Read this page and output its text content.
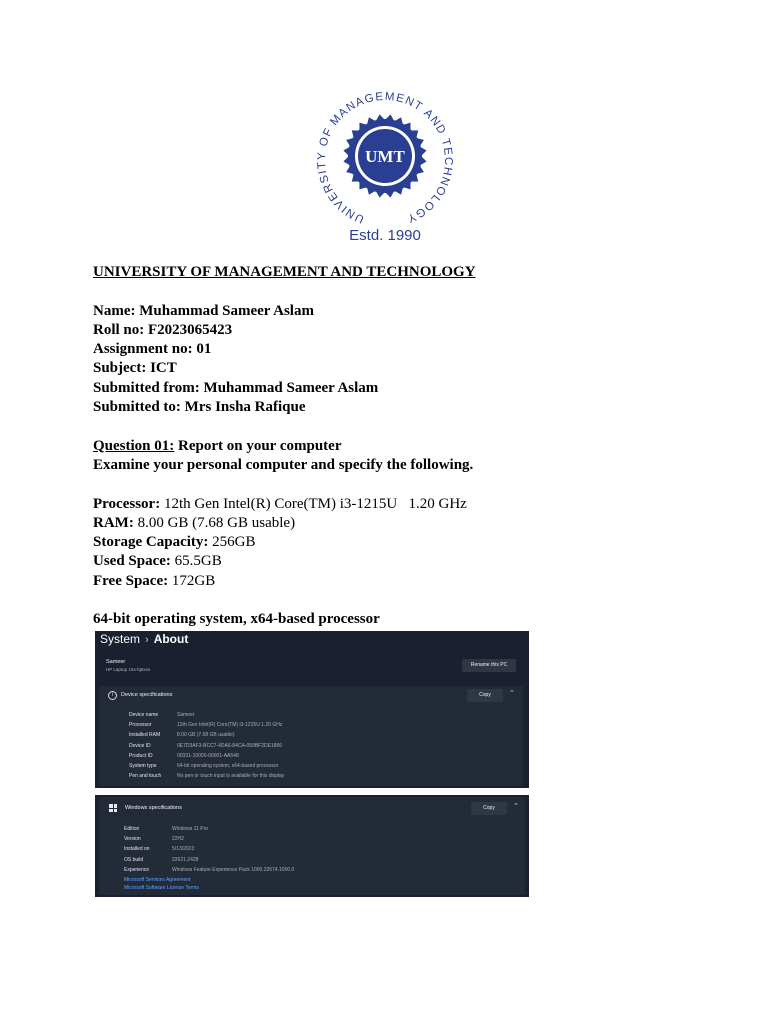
UMT
UNIVERSITY OF MANAGEMENT AND TECHNOLOGY
Estd. 1990
UNIVERSITY OF MANAGEMENT AND TECHNOLOGY
Name: Muhammad Sameer Aslam
Roll no: F2023065423
Assignment no: 01
Subject: ICT
Submitted from: Muhammad Sameer Aslam
Submitted to: Mrs Insha Rafique
Question 01: Report on your computer
Examine your personal computer and specify the following.
Processor: 12th Gen Intel(R) Core(TM) i3-1215U   1.20 GHz
RAM: 8.00 GB (7.68 GB usable)
Storage Capacity: 256GB
Used Space: 65.5GB
Free Space: 172GB
64-bit operating system, x64-based processor
System › About
Sameer
HP Laptop 15s-fq5xxx
Rename this PC
i	Device specifications	Copy	⌃
Device name	Sameer
Processor	12th Gen Intel(R) Core(TM) i3-1215U 1.20 GHz
Installed RAM	8.00 GB (7.68 GB usable)
Device ID	0E7D3AF3-BCC7-4DA6-84CA-059BF2DE1866
Product ID	00331-10000-00001-AA548
System type	64-bit operating system, x64-based processor
Pen and touch	No pen or touch input is available for this display
Windows specifications	Copy	⌃
Edition	Windows 11 Pro
Version	22H2
Installed on	5/13/2023
OS build	22621.2428
Experience	Windows Feature Experience Pack 1000.22674.1000.0
Microsoft Services Agreement
Microsoft Software License Terms
